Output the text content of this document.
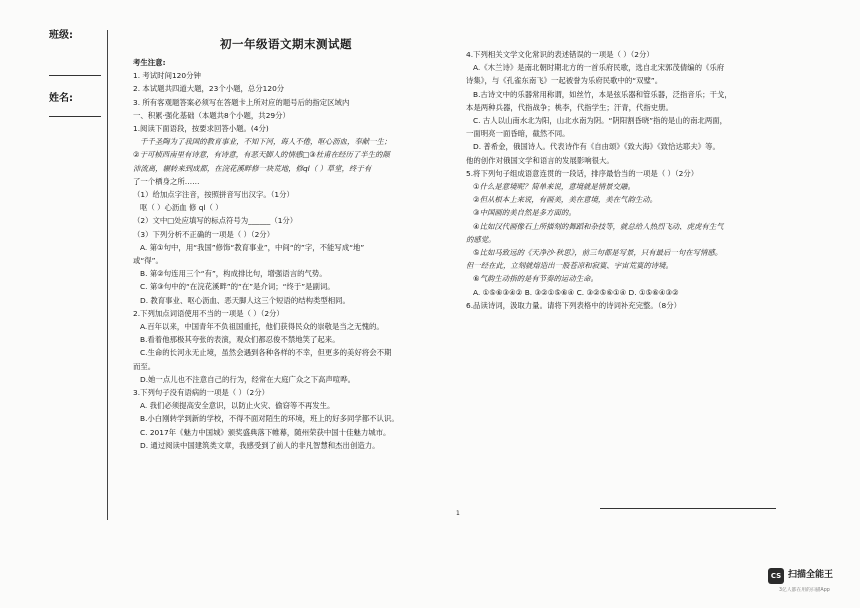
班级:
姓名:
初一年级语文期末测试题

考生注意:

1. 考试时间120分钟

2. 本试题共四道大题，23个小题，总分120分

3. 所有客观题答案必须写在答题卡上所对应的题号后的指定区域内

一、积累·强化基础（本题共8个小题，共29分）

1.阅读下面语段，按要求回答小题。(4分)

千千圣陶为了我国的教育事业，不知下河，诲人不倦，呕心沥血，奉献一生；

②于可桢西南里有诗意，有诗意，有恶天脚人的情感□③杜甫在经历了半生的颠

沛流离，辗转来到成都，在浣花溪畔修一块荒地，修ql（ ）草堂，终于有

了一个栖身之所……

（1）给加点字注音，按照拼音写出汉字。（1分）

呕（ ）心沥血 修 ql（ ）

（2）文中□处应填写的标点符号为______（1分）

（3）下列分析不正确的一项是（ ）（2分）

A. 第①句中，用“我国”修饰“教育事业”，中间“的”字，不能写成“地”

或“得”。

B. 第②句连用三个“有”，构成排比句，增强语言的气势。

C. 第③句中的“在浣花溪畔”的“在”是介词；“终于”是副词。

D. 教育事业、呕心沥血、恶天脚人这三个短语的结构类型相同。

2.下列加点词语使用不当的一项是（ ）（2分）

A.百年以来，中国青年不负祖国重托，他们获得民众的崇敬是当之无愧的。

B.看着他那极其夸张的表演，观众们都忍俊不禁地笑了起来。

C.生命的长河永无止境，虽然会遇到各种各样的不幸，但更多的美好将会不期

而至。

D.她一点儿也不注意自己的行为，经常在大庭广众之下高声喧哗。

3.下列句子没有语病的一项是（ ）（2分）

A. 我们必须提高安全意识，以防止火灾、偷窃等不再发生。

B.小白刚转学到新的学校，不得不面对陌生的环境，班上的好多同学都不认识。

C. 2017年《魅力中国城》颁奖盛典落下帷幕，随州荣获中国十佳魅力城市。

D. 通过阅读中国建筑类文章，我感受到了前人的非凡智慧和杰出创造力。

4.下列相关文学文化常识的表述错误的一项是（ ）（2分）

A.《木兰诗》是南北朝时期北方的一首乐府民歌，选自北宋郭茂倩编的《乐府

诗集》，与《孔雀东南飞》一起被誉为乐府民歌中的“双璧”。

B.古诗文中的乐器常用称谓，如丝竹，本是弦乐器和管乐器，泛指音乐；干戈，

本是两种兵器，代指战争；桃李，代指学生；汗青，代指史册。

C. 古人以山南水北为阳，山北水南为阴。“阴阳割昏晓”指的是山的南北两面，

一面明亮一面昏暗，截然不同。

D. 普希金，俄国诗人。代表诗作有《自由颂》《致大海》《致恰达耶夫》等。

他的创作对俄国文学和语言的发展影响很大。

5.将下列句子组成语意连贯的一段话，排序最恰当的一项是（ ）（2分）

①什么是意境呢？简单来说，意境就是情景交融。

②但从根本上来说，有画美，美在意境，美在气韵生动。

③中国画的美自然是多方面的。

④比如汉代画像石上所描刻的舞蹈和杂技等，就总给人热烈飞动、虎虎有生气

的感觉。

⑤比如马致远的《天净沙·秋思》，前三句都是写景，只有最后一句在写情感。

但一经在此，立刻就熔造出一股苍凉和寂寞、宇宙荒寞的诗境。

⑥气韵生动指的是有节奏的运动生命。

A. ①⑤⑥③④② B. ③②①⑤⑥④ C. ③②⑤⑥①④ D. ①⑤⑥④③②

6.品读诗词，汲取力量。请将下列表格中的诗词补充完整。（8分）

1
CS 扫描全能王
3亿人都在用的扫描App
